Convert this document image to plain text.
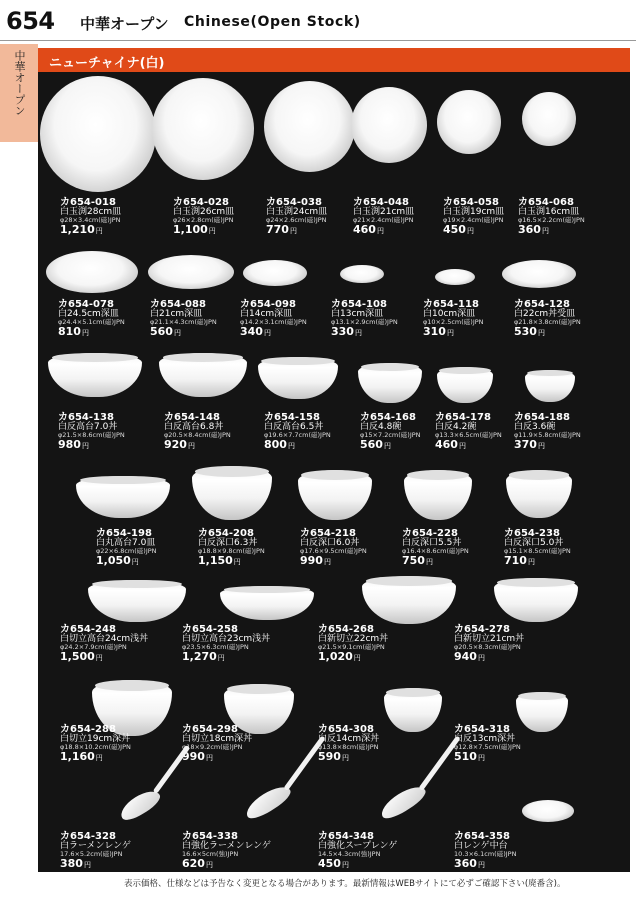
654 中華オープン Chinese(Open Stock)
中華オープン ニューチャイナ(白)
カ654-018
白玉渕28cm皿
φ28×3.4cm(磁)JPN
1,210円
カ654-028
白玉渕26cm皿
φ26×2.8cm(磁)JPN
1,100円
カ654-038
白玉渕24cm皿
φ24×2.6cm(磁)JPN
770円
カ654-048
白玉渕21cm皿
φ21×2.4cm(磁)JPN
460円
カ654-058
白玉渕19cm皿
φ19×2.4cm(磁)JPN
450円
カ654-068
白玉渕16cm皿
φ16.5×2.2cm(磁)JPN
360円
カ654-078
白24.5cm深皿
φ24.4×5.1cm(磁)JPN
810円
カ654-088
白21cm深皿
φ21.1×4.3cm(磁)JPN
560円
カ654-098
白14cm深皿
φ14.2×3.1cm(磁)JPN
340円
カ654-108
白13cm深皿
φ13.1×2.9cm(磁)JPN
330円
カ654-118
白10cm深皿
φ10×2.5cm(磁)JPN
310円
カ654-128
白22cm丼受皿
φ21.8×3.8cm(磁)JPN
530円
カ654-138
白反高台7.0丼
φ21.5×8.6cm(磁)JPN
980円
カ654-148
白反高台6.8丼
φ20.5×8.4cm(磁)JPN
920円
カ654-158
白反高台6.5丼
φ19.6×7.7cm(磁)JPN
800円
カ654-168
白反4.8碗
φ15×7.2cm(磁)JPN
560円
カ654-178
白反4.2碗
φ13.3×6.5cm(磁)JPN
460円
カ654-188
白反3.6碗
φ11.9×5.8cm(磁)JPN
370円
カ654-198
白丸高台7.0皿
φ22×6.8cm(磁)JPN
1,050円
カ654-208
白反深口6.3丼
φ18.8×9.8cm(磁)JPN
1,150円
カ654-218
白反深口6.0丼
φ17.6×9.5cm(磁)JPN
990円
カ654-228
白反深口5.5丼
φ16.4×8.6cm(磁)JPN
750円
カ654-238
白反深口5.0丼
φ15.1×8.5cm(磁)JPN
710円
カ654-248
白切立高台24cm浅丼
φ24.2×7.9cm(磁)JPN
1,500円
カ654-258
白切立高台23cm浅丼
φ23.5×6.3cm(磁)JPN
1,270円
カ654-268
白新切立22cm丼
φ21.5×9.1cm(磁)JPN
1,020円
カ654-278
白新切立21cm丼
φ20.5×8.3cm(磁)JPN
940円
カ654-288
白切立19cm深丼
φ18.8×10.2cm(磁)JPN
1,160円
カ654-298
白切立18cm深丼
φ18×9.2cm(磁)JPN
990円
カ654-308
白反14cm深丼
φ13.8×8cm(磁)JPN
590円
カ654-318
白反13cm深丼
φ12.8×7.5cm(磁)JPN
510円
カ654-328
白ラーメンレンゲ
17.6×5.2cm(磁)JPN
380円
カ654-338
白強化ラーメンレンゲ
16.6×5cm(強)JPN
620円
カ654-348
白強化スープレンゲ
14.5×4.3cm(強)JPN
450円
カ654-358
白レンゲ中台
10.3×6.1cm(磁)JPN
360円
表示価格、仕様などは予告なく変更となる場合があります。最新情報はWEBサイトにて必ずご確認下さい(廃番含)。
